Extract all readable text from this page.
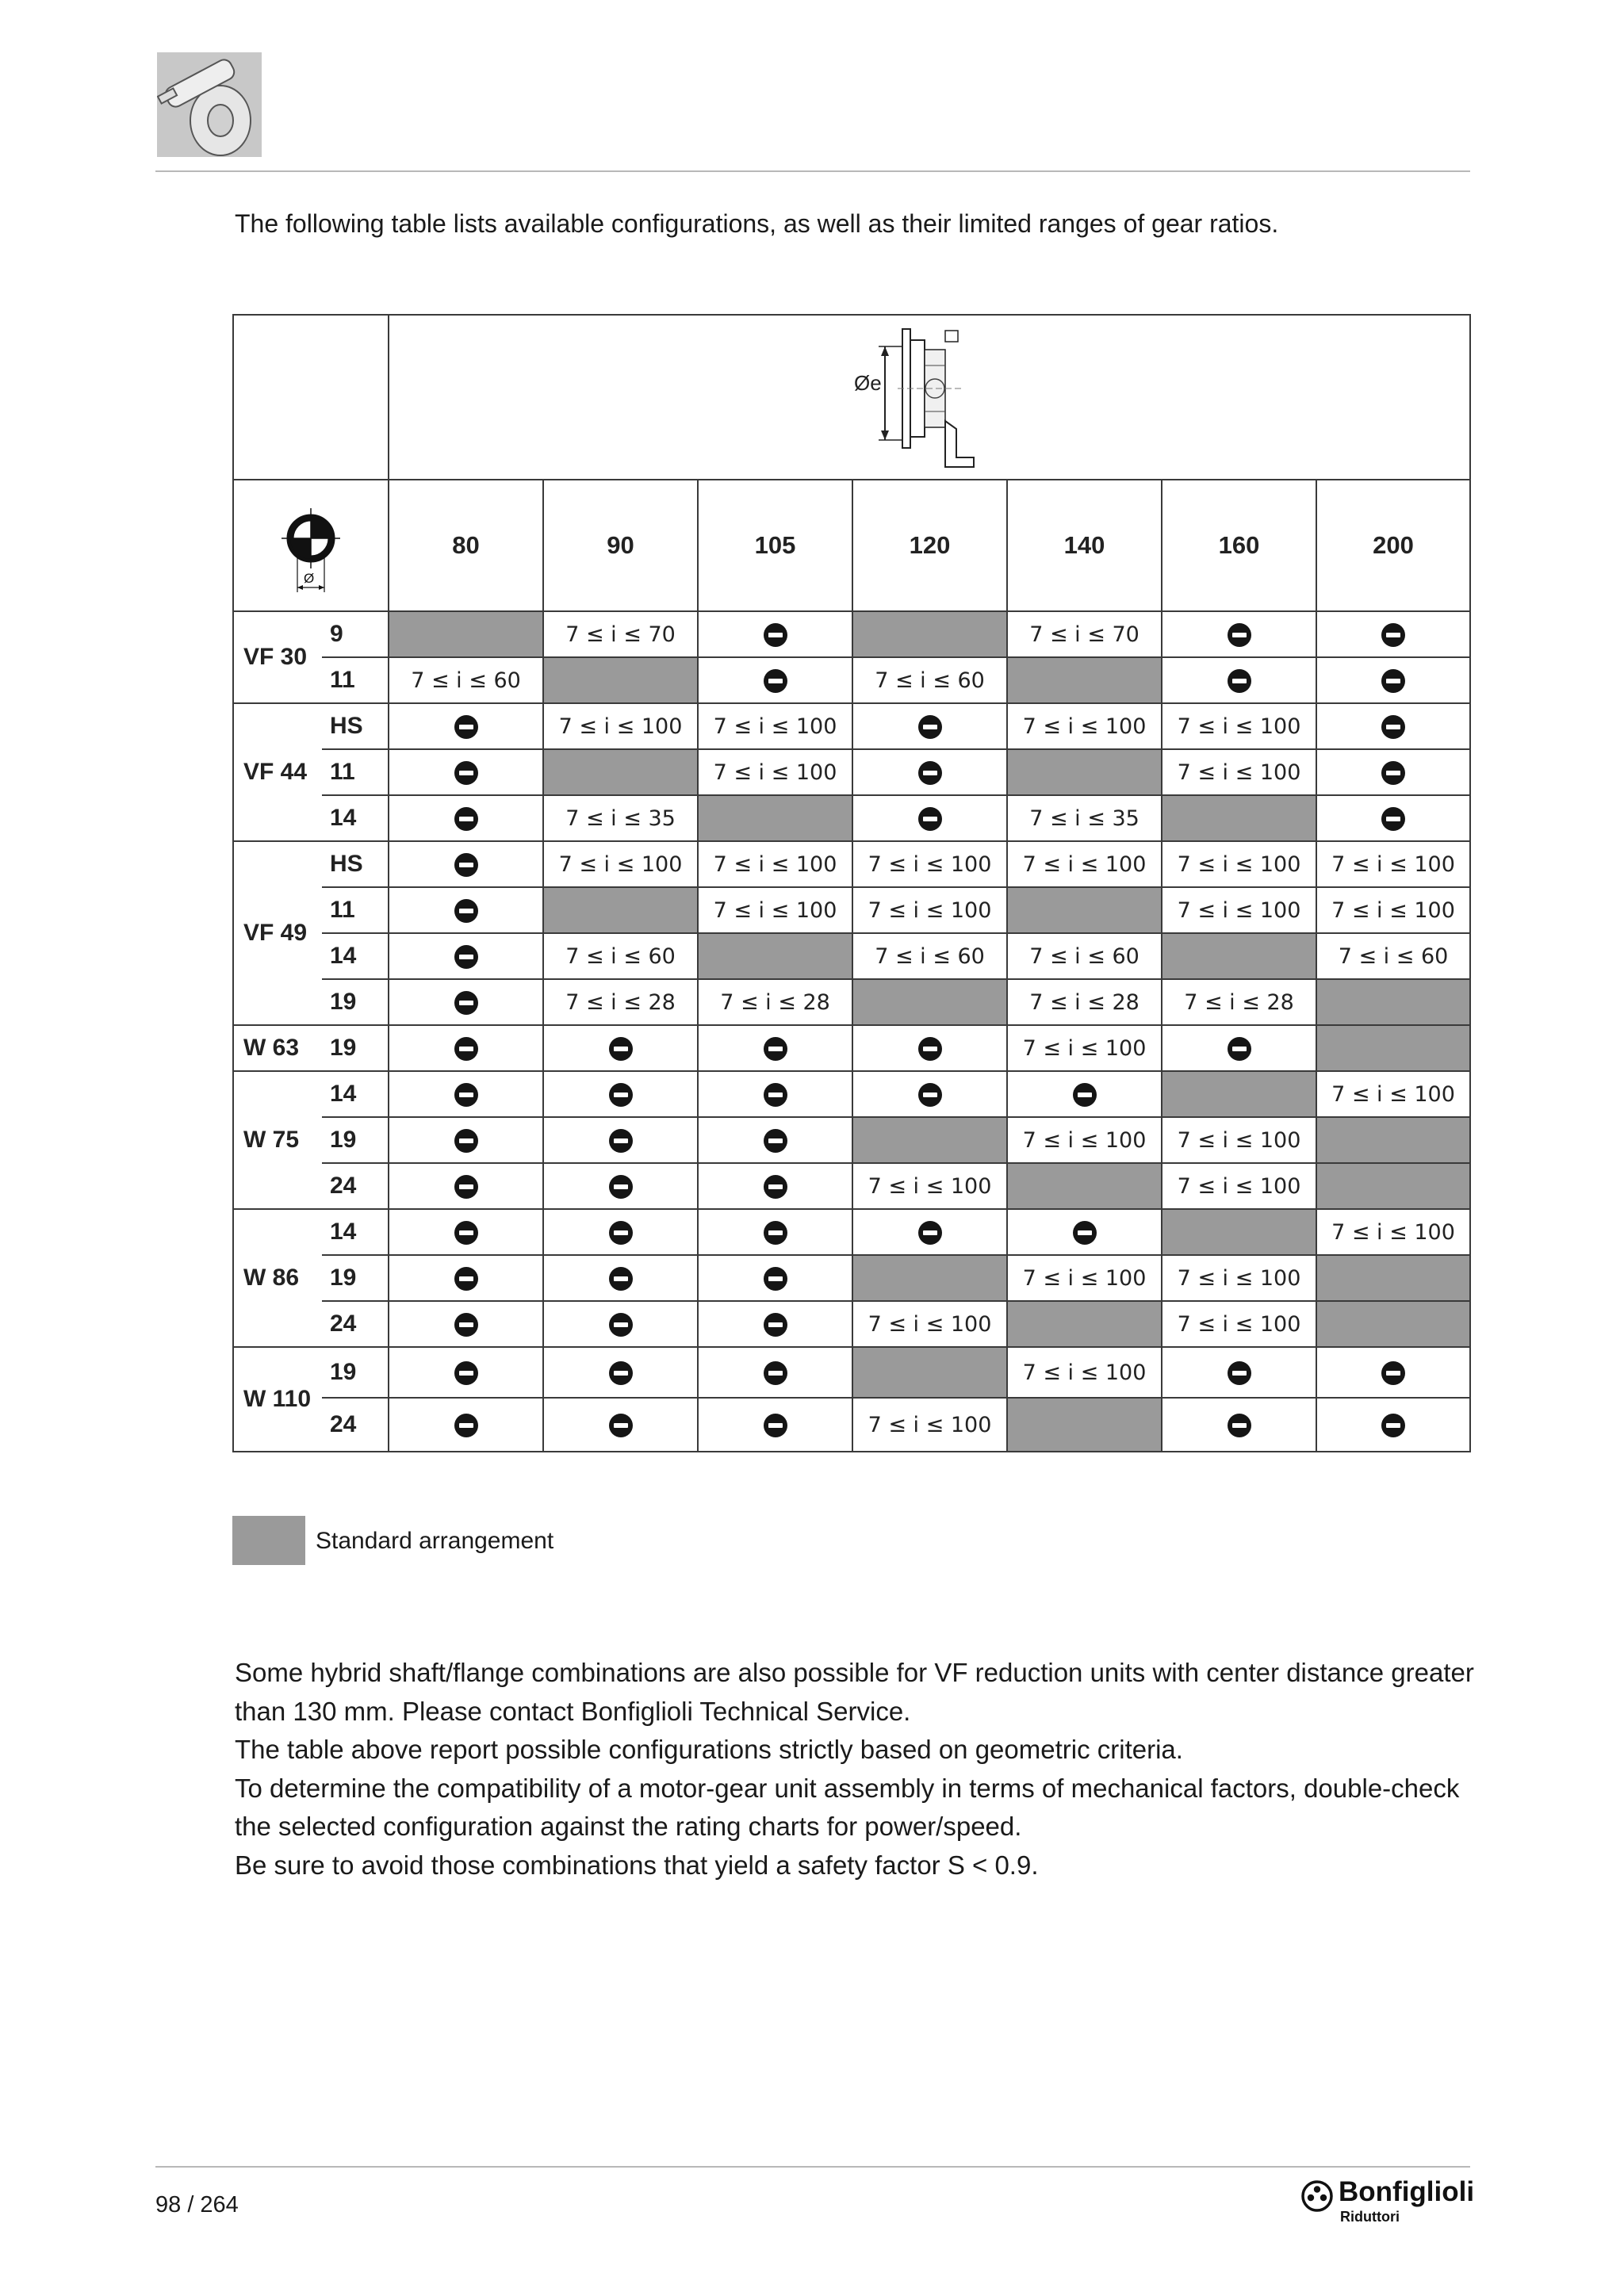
The following table lists available configurations, as well as their limited ranges of gear ratios.

Øe						

Ø		80	90	105	120	140	160	200
VF 30	9		7 ≤ i ≤ 70			7 ≤ i ≤ 70		
	11	7 ≤ i ≤ 60			7 ≤ i ≤ 60			
VF 44	HS		7 ≤ i ≤ 100	7 ≤ i ≤ 100		7 ≤ i ≤ 100	7 ≤ i ≤ 100	
	11			7 ≤ i ≤ 100			7 ≤ i ≤ 100	
	14		7 ≤ i ≤ 35			7 ≤ i ≤ 35		
VF 49	HS		7 ≤ i ≤ 100	7 ≤ i ≤ 100	7 ≤ i ≤ 100	7 ≤ i ≤ 100	7 ≤ i ≤ 100	7 ≤ i ≤ 100
	11			7 ≤ i ≤ 100	7 ≤ i ≤ 100		7 ≤ i ≤ 100	7 ≤ i ≤ 100
	14		7 ≤ i ≤ 60		7 ≤ i ≤ 60	7 ≤ i ≤ 60		7 ≤ i ≤ 60
	19		7 ≤ i ≤ 28	7 ≤ i ≤ 28		7 ≤ i ≤ 28	7 ≤ i ≤ 28	
W 63	19					7 ≤ i ≤ 100		
W 75	14							7 ≤ i ≤ 100
	19					7 ≤ i ≤ 100	7 ≤ i ≤ 100	
	24				7 ≤ i ≤ 100		7 ≤ i ≤ 100	
W 86	14							7 ≤ i ≤ 100
	19					7 ≤ i ≤ 100	7 ≤ i ≤ 100	
	24				7 ≤ i ≤ 100		7 ≤ i ≤ 100	
W 110	19					7 ≤ i ≤ 100		
	24				7 ≤ i ≤ 100			
Standard arrangement

Some hybrid shaft/flange combinations are also possible for VF reduction units with center distance greater than 130 mm. Please contact Bonfiglioli Technical Service.

The table above report possible configurations strictly based on geometric criteria.

To determine the compatibility of a motor-gear unit assembly in terms of mechanical factors, double-check the selected configuration against the rating charts for power/speed.

Be sure to avoid those combinations that yield a safety factor S < 0.9.

98 / 264	Bonfiglioli
Riduttori
